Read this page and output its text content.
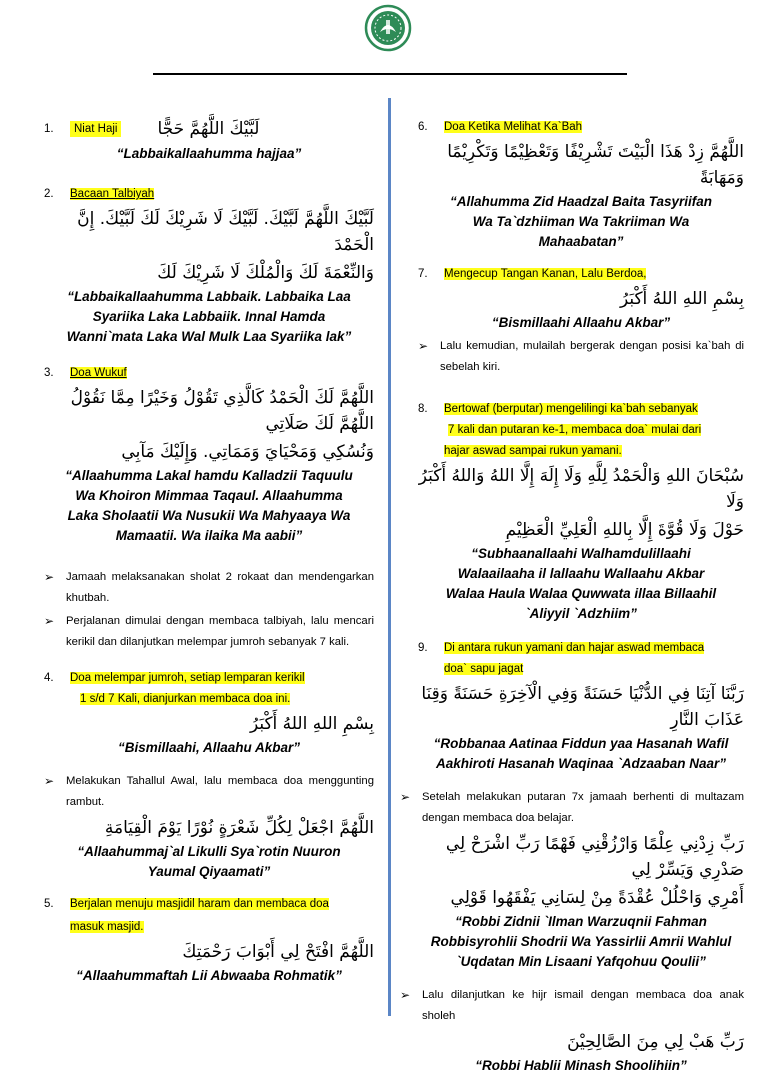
1.	Niat Haji لَبَّيْكَ اللَّهُمَّ حَجًّا
“Labbaikallaahumma hajjaa”
2. Bacaan Talbiyah
لَبَّيْكَ اللَّهُمَّ لَبَّيْكَ. لَبَّيْكَ لَا شَرِيْكَ لَكَ لَبَّيْكَ. إِنَّ الْحَمْدَ
وَالنِّعْمَةَ لَكَ وَالْمُلْكَ لَا شَرِيْكَ لَكَ
“Labbaikallaahumma Labbaik. Labbaika Laa
Syariika Laka Labbaiik. Innal Hamda
Wanni`mata Laka Wal Mulk Laa Syariika lak”
3. Doa Wukuf
اللَّهُمَّ لَكَ الْحَمْدُ كَالَّذِي تَقُوْلُ وَخَيْرًا مِمَّا نَقُوْلُ اللَّهُمَّ لَكَ صَلَاتِي
وَنُسُكِي وَمَحْيَايَ وَمَمَاتِي. وَإِلَيْكَ مَآبِي
“Allaahumma Lakal hamdu Kalladzii Taquulu
Wa Khoiron Mimmaa Taqaul. Allaahumma
Laka Sholaatii Wa Nusukii Wa Mahyaaya Wa
Mamaatii. Wa ilaika Ma aabii”
➢	Jamaah melaksanakan sholat 2 rokaat dan mendengarkan khutbah.
➢	Perjalanan dimulai dengan membaca talbiyah, lalu mencari kerikil dan dilanjutkan melempar jumroh sebanyak 7 kali.
4. Doa melempar jumroh, setiap lemparan kerikil
1 s/d 7 Kali, dianjurkan membaca doa ini.
بِسْمِ اللهِ اللهُ أَكْبَرُ
“Bismillaahi, Allaahu Akbar”
➢	Melakukan Tahallul Awal, lalu membaca doa menggunting rambut.
اللَّهُمَّ اجْعَلْ لِكُلِّ شَعْرَةٍ نُوْرًا يَوْمَ الْقِيَامَةِ
“Allaahummaj`al Likulli Sya`rotin Nuuron
Yaumal Qiyaamati”
5. Berjalan menuju masjidil haram dan membaca doa
masuk masjid.
اللَّهُمَّ افْتَحْ لِي أَبْوَابَ رَحْمَتِكَ
“Allaahummaftah Lii Abwaaba Rohmatik”
6. Doa Ketika Melihat Ka`Bah
اللَّهُمَّ زِدْ هَذَا الْبَيْتَ تَشْرِيْفًا وَتَعْظِيْمًا وَتَكْرِيْمًا وَمَهَابَةً
“Allahumma Zid Haadzal Baita Tasyriifan
Wa Ta`dzhiiman Wa Takriiman Wa
Mahaabatan”
7. Mengecup Tangan Kanan, Lalu Berdoa,
بِسْمِ اللهِ اللهُ أَكْبَرُ
“Bismillaahi Allaahu Akbar”
➢	Lalu kemudian, mulailah bergerak dengan posisi ka`bah di sebelah kiri.
8. Bertowaf (berputar) mengelilingi ka`bah sebanyak
7 kali dan putaran ke-1, membaca doa` mulai dari
hajar aswad sampai rukun yamani.
سُبْحَانَ اللهِ وَالْحَمْدُ لِلَّهِ وَلَا إِلَهَ إِلَّا اللهُ وَاللهُ أَكْبَرُ وَلَا
حَوْلَ وَلَا قُوَّةَ إِلَّا بِاللهِ الْعَلِيِّ الْعَظِيْمِ
“Subhaanallaahi Walhamdulillaahi
Walaailaaha il lallaahu Wallaahu Akbar
Walaa Haula Walaa Quwwata illaa Billaahil
`Aliyyil `Adzhiim”
9. Di antara rukun yamani dan hajar aswad membaca
doa` sapu jagat
رَبَّنَا آتِنَا فِي الدُّنْيَا حَسَنَةً وَفِي الْآخِرَةِ حَسَنَةً وَقِنَا عَذَابَ النَّارِ
“Robbanaa Aatinaa Fiddun yaa Hasanah Wafil
Aakhiroti Hasanah Waqinaa `Adzaaban Naar”
➢	Setelah melakukan putaran 7x jamaah berhenti di multazam dengan membaca doa belajar.
رَبِّ زِدْنِي عِلْمًا وَارْزُقْنِي فَهْمًا رَبِّ اشْرَحْ لِي صَدْرِي وَيَسِّرْ لِي
أَمْرِي وَاحْلُلْ عُقْدَةً مِنْ لِسَانِي يَفْقَهُوا قَوْلِي
“Robbi Zidnii `Ilman Warzuqnii Fahman
Robbisyrohlii Shodrii Wa Yassirlii Amrii Wahlul
`Uqdatan Min Lisaani Yafqohuu Qoulii”
➢	Lalu dilanjutkan ke hijr ismail dengan membaca doa anak sholeh
رَبِّ هَبْ لِي مِنَ الصَّالِحِيْنَ
“Robbi Hablii Minash Shoolihiin”
